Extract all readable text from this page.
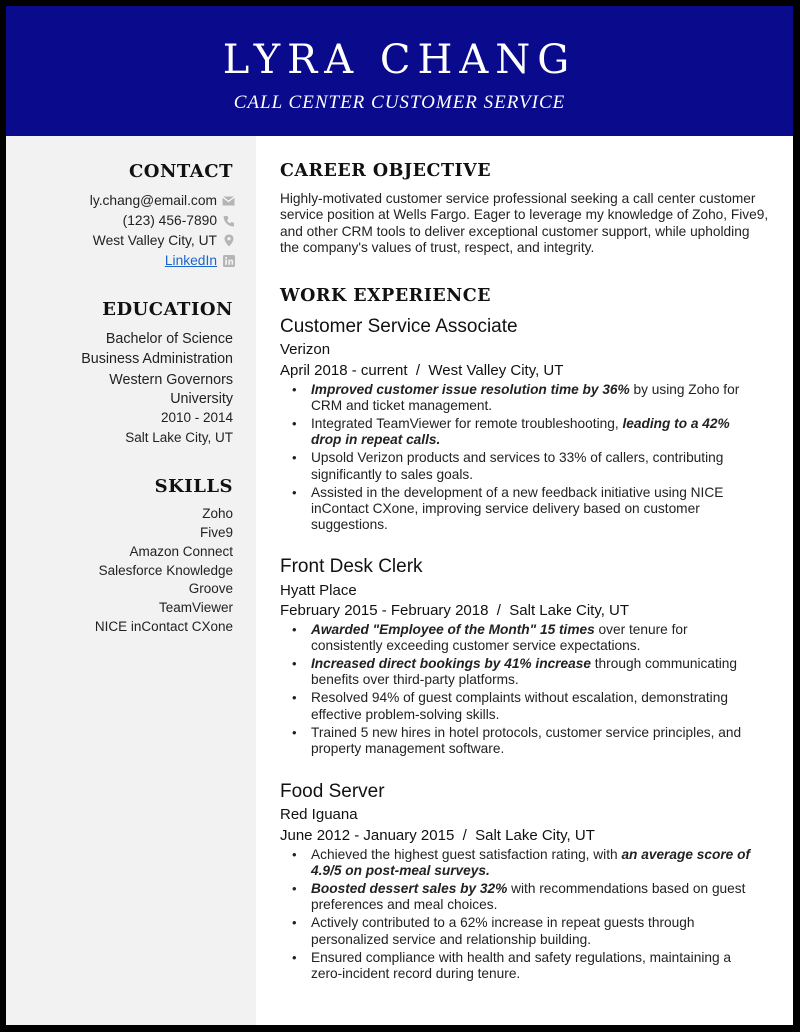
LYRA CHANG
CALL CENTER CUSTOMER SERVICE
CONTACT
ly.chang@email.com
(123) 456-7890
West Valley City, UT
LinkedIn
EDUCATION
Bachelor of Science
Business Administration
Western Governors
University
2010 - 2014
Salt Lake City, UT
SKILLS
Zoho
Five9
Amazon Connect
Salesforce Knowledge
Groove
TeamViewer
NICE inContact CXone
CAREER OBJECTIVE
Highly-motivated customer service professional seeking a call center customer service position at Wells Fargo. Eager to leverage my knowledge of Zoho, Five9, and other CRM tools to deliver exceptional customer support, while upholding the company's values of trust, respect, and integrity.
WORK EXPERIENCE
Customer Service Associate
Verizon
April 2018 - current  /  West Valley City, UT
• Improved customer issue resolution time by 36% by using Zoho for CRM and ticket management.
• Integrated TeamViewer for remote troubleshooting, leading to a 42% drop in repeat calls.
• Upsold Verizon products and services to 33% of callers, contributing significantly to sales goals.
• Assisted in the development of a new feedback initiative using NICE inContact CXone, improving service delivery based on customer suggestions.
Front Desk Clerk
Hyatt Place
February 2015 - February 2018  /  Salt Lake City, UT
• Awarded "Employee of the Month" 15 times over tenure for consistently exceeding customer service expectations.
• Increased direct bookings by 41% increase through communicating benefits over third-party platforms.
• Resolved 94% of guest complaints without escalation, demonstrating effective problem-solving skills.
• Trained 5 new hires in hotel protocols, customer service principles, and property management software.
Food Server
Red Iguana
June 2012 - January 2015  /  Salt Lake City, UT
• Achieved the highest guest satisfaction rating, with an average score of 4.9/5 on post-meal surveys.
• Boosted dessert sales by 32% with recommendations based on guest preferences and meal choices.
• Actively contributed to a 62% increase in repeat guests through personalized service and relationship building.
• Ensured compliance with health and safety regulations, maintaining a zero-incident record during tenure.
